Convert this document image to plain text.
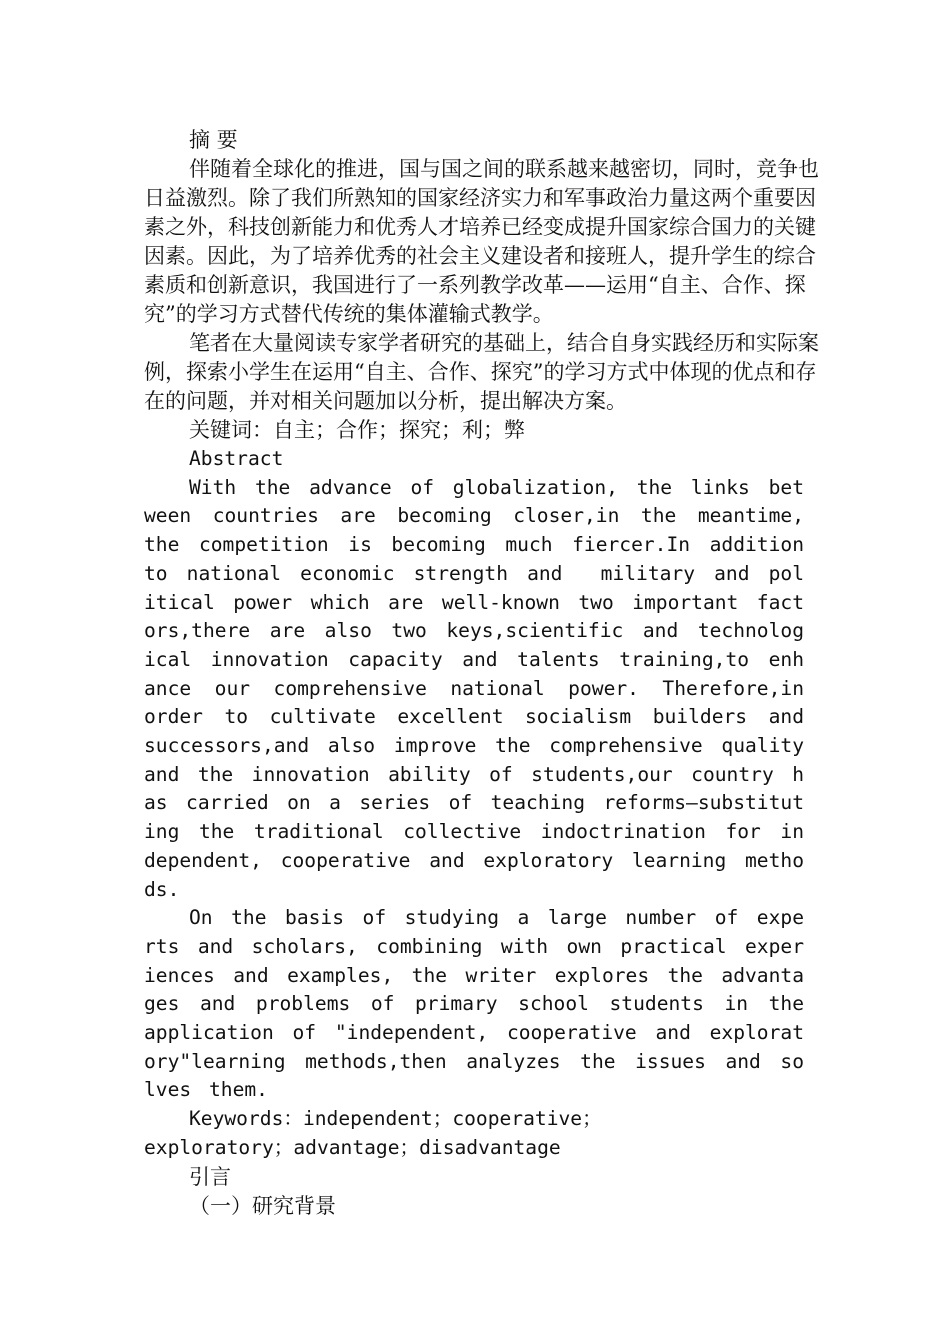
摘 要

伴随着全球化的推进，国与国之间的联系越来越密切，同时，竞争也日益激烈。除了我们所熟知的国家经济实力和军事政治力量这两个重要因素之外，科技创新能力和优秀人才培养已经变成提升国家综合国力的关键因素。因此，为了培养优秀的社会主义建设者和接班人，提升学生的综合素质和创新意识，我国进行了一系列教学改革——运用“自主、合作、探究”的学习方式替代传统的集体灌输式教学。

笔者在大量阅读专家学者研究的基础上，结合自身实践经历和实际案例，探索小学生在运用“自主、合作、探究”的学习方式中体现的优点和存在的问题，并对相关问题加以分析，提出解决方案。

关键词：自主；合作；探究；利；弊

Abstract

With the advance of globalization, the links between countries are becoming closer,in the meantime, the competition is becoming much fiercer.In addition to national economic strength and  military and political power which are well-known two important factors,there are also two keys,scientific and technological innovation capacity and talents training,to enhance our comprehensive national power. Therefore,in order to cultivate excellent socialism builders and successors,and also improve the comprehensive quality and the innovation ability of students,our country has carried on a series of teaching reforms—substituting the traditional collective indoctrination for independent, cooperative and exploratory learning methods.

On the basis of studying a large number of experts and scholars, combining with own practical experiences and examples, the writer explores the advantages and problems of primary school students in the application of "independent, cooperative and exploratory"learning methods,then analyzes the issues and solves them.

Keywords：independent；cooperative；exploratory；advantage；disadvantage

引言

（一）研究背景
